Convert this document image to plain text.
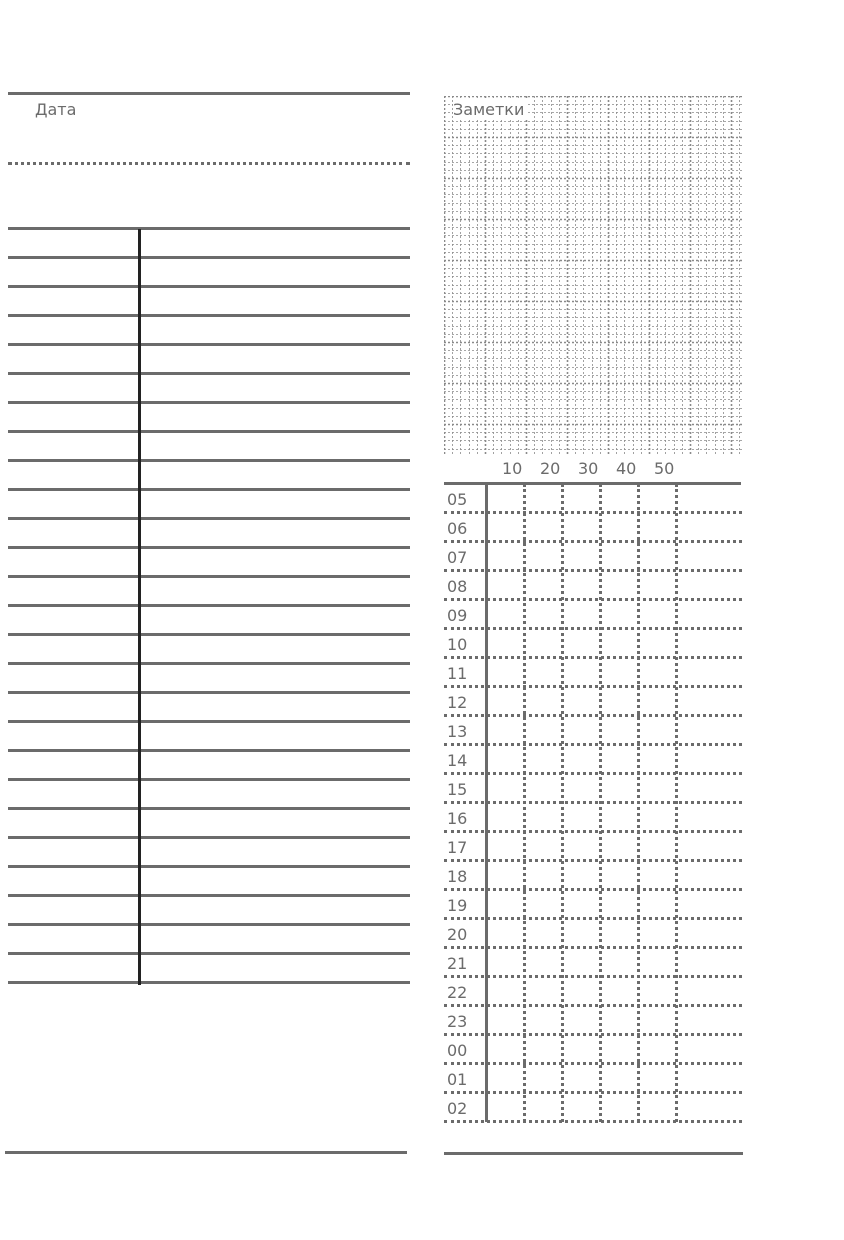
Дата	Заметки
10 20 30 40 50
05
06
07
08
09
10
11
12
13
14
15
16
17
18
19
20
21
22
23
00
01
02
